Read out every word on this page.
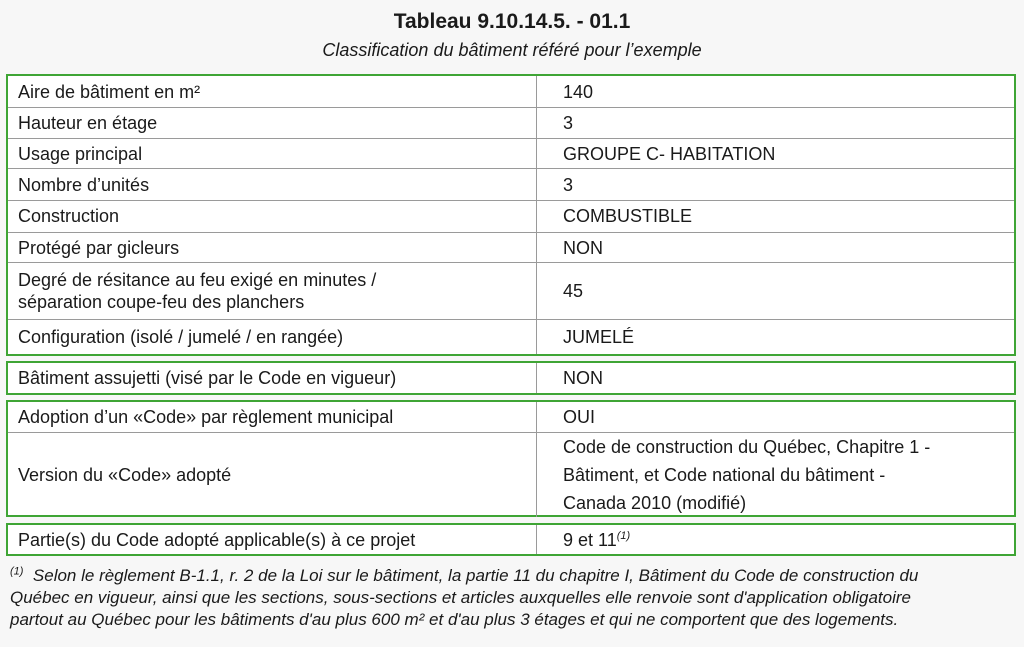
Tableau 9.10.14.5. - 01.1
Classification du bâtiment référé pour l’exemple
Aire de bâtiment en m²	140
Hauteur en étage	3
Usage principal	GROUPE C- HABITATION
Nombre d’unités	3
Construction	COMBUSTIBLE
Protégé par gicleurs	NON

Degré de résitance au feu exigé en minutes /
séparation coupe-feu des planchers	45
Configuration (isolé / jumelé / en rangée)	JUMELÉ
Bâtiment assujetti (visé par le Code en vigueur)	NON
Adoption d’un «Code» par règlement municipal	OUI
Version du «Code» adopté	Code de construction du Québec, Chapitre 1 -
Bâtiment, et Code national du bâtiment -
Canada 2010 (modifié)
Partie(s) du Code adopté applicable(s) à ce projet	9 et 11$^{(1)}$
$^{(1)}$ Selon le règlement B-1.1, r. 2 de la Loi sur le bâtiment, la partie 11 du chapitre I, Bâtiment du Code de construction du
Québec en vigueur, ainsi que les sections, sous-sections et articles auxquelles elle renvoie sont d'application obligatoire
partout au Québec pour les bâtiments d'au plus 600 m² et d'au plus 3 étages et qui ne comportent que des logements.
